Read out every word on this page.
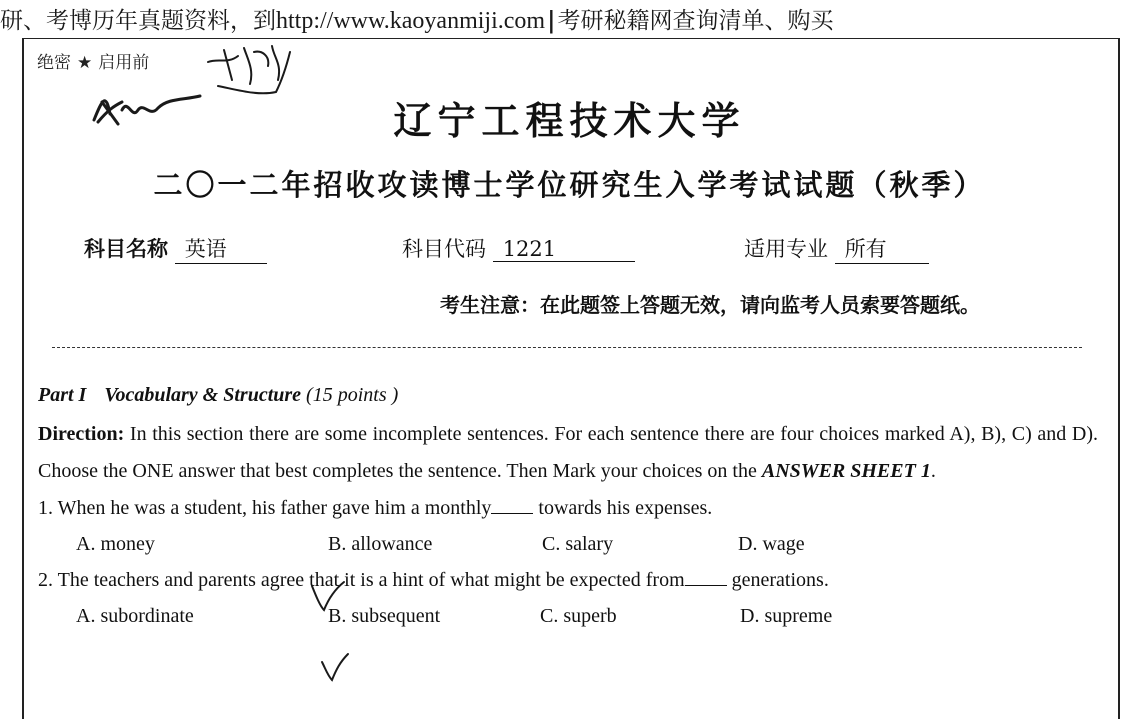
研、考博历年真题资料，到http://www.kaoyanmiji.com|考研秘籍网查询清单、购买
绝密 ★ 启用前
辽宁工程技术大学
二〇一二年招收攻读博士学位研究生入学考试试题（秋季）
科目名称 英语	科目代码 1221	适用专业 所有
考生注意：在此题签上答题无效，请向监考人员索要答题纸。
Part I Vocabulary & Structure (15 points )
Direction: In this section there are some incomplete sentences. For each sentence there are four choices marked A), B), C) and D). Choose the ONE answer that best completes the sentence. Then Mark your choices on the ANSWER SHEET 1.
1. When he was a student, his father gave him a monthly towards his expenses.
A. money	B. allowance	C. salary	D. wage
2. The teachers and parents agree that it is a hint of what might be expected from generations.
A. subordinate	B. subsequent	C. superb	D. supreme
